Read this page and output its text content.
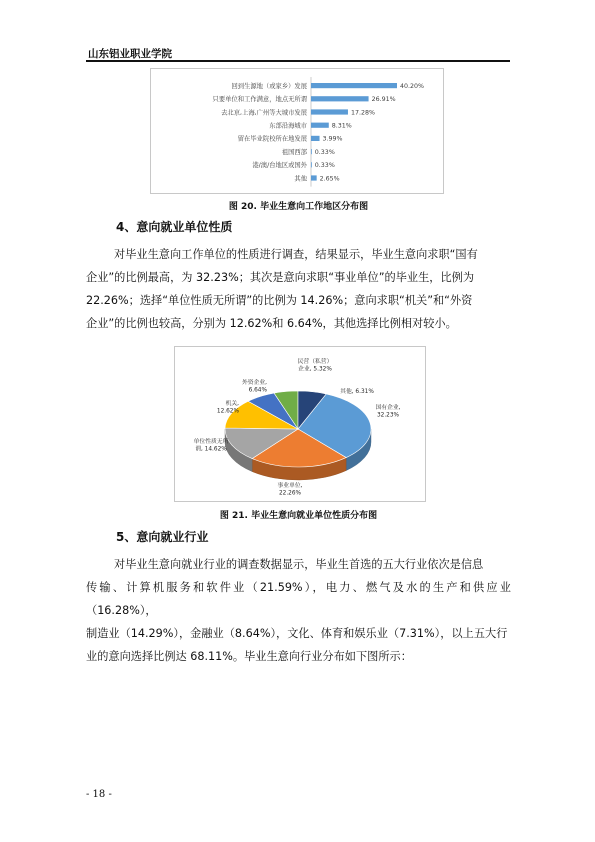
山东铝业职业学院
回到生源地（或家乡）发展	40.20%
只要单位和工作满意，地点无所谓	26.91%
去北京,上海,广州等大城市发展	17.28%
东部沿海城市	8.31%
留在毕业院校所在地发展 3.99%
祖国西部 0.33%
港/澳/台地区或国外 0.33%
其他 2.65%
图 20. 毕业生意向工作地区分布图
4、意向就业单位性质
对毕业生意向工作单位的性质进行调查，结果显示，毕业生意向求职“国有
企业”的比例最高，为 32.23%；其次是意向求职“事业单位”的毕业生，比例为
22.26%；选择“单位性质无所谓”的比例为 14.26%；意向求职“机关”和“外资
企业”的比例也较高，分别为 12.62%和 6.64%，其他选择比例相对较小。
国有企业,
32.23%
事业单位,
22.26%
单位性质无所
谓, 14.62%
机关,
12.62%
外资企业,
6.64%
民营（私营）
企业, 5.32%
其他, 6.31%
图 21. 毕业生意向就业单位性质分布图
5、意向就业行业
对毕业生意向就业行业的调查数据显示，毕业生首选的五大行业依次是信息
传输、计算机服务和软件业（21.59%），电力、燃气及水的生产和供应业（16.28%），
制造业（14.29%），金融业（8.64%），文化、体育和娱乐业（7.31%），以上五大行
业的意向选择比例达 68.11%。毕业生意向行业分布如下图所示：
- 18 -
